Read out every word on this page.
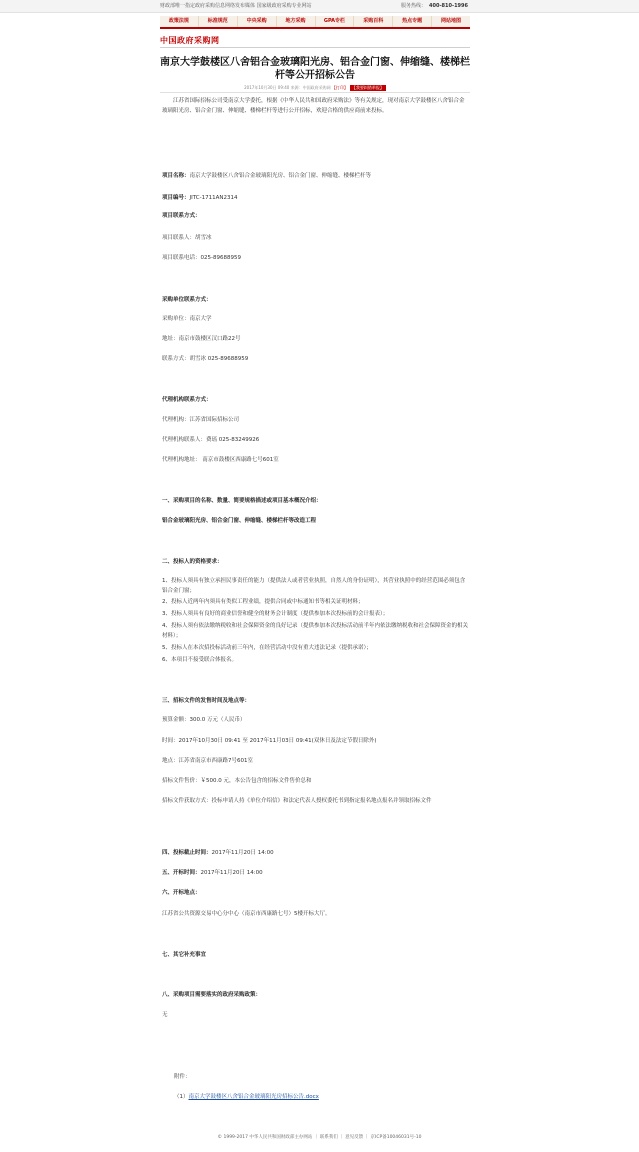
财政部唯一指定政府采购信息网络发布媒体 国家级政府采购专业网站	服务热线： 400-810-1996
政策法规	标准规范	中央采购	地方采购	GPA专栏	采购百科	热点专题	网站地图
中国政府采购网
南京大学鼓楼区八舍铝合金玻璃阳光房、铝合金门窗、伸缩缝、楼梯栏杆等公开招标公告
2017年10月30日 09:40 来源：中国政府采购网 【打印】 【我要纠错举报】
江苏省国际招标公司受南京大学委托，根据《中华人民共和国政府采购法》等有关规定，现对南京大学鼓楼区八舍铝合金玻璃阳光房、铝合金门窗、伸缩缝、楼梯栏杆等进行公开招标，欢迎合格的供应商前来投标。
项目名称：南京大学鼓楼区八舍铝合金玻璃阳光房、铝合金门窗、伸缩缝、楼梯栏杆等
项目编号：JITC-1711AN2314
项目联系方式：
项目联系人：胡雪冰
项目联系电话：025-89688959
采购单位联系方式：
采购单位：南京大学
地址：南京市鼓楼区汉口路22号
联系方式：胡雪冰 025-89688959
代理机构联系方式：
代理机构：江苏省国际招标公司
代理机构联系人：费瑶 025-83249926
代理机构地址： 南京市鼓楼区西康路七号601室
一、采购项目的名称、数量、简要规格描述或项目基本概况介绍：
铝合金玻璃阳光房、铝合金门窗、伸缩缝、楼梯栏杆等改造工程
二、投标人的资格要求：
1、投标人须具有独立承担民事责任的能力（提供法人或者营业执照，自然人的身份证明），其营业执照中的经营范围必须包含铝合金门窗；
2、投标人近两年内须具有类似工程业绩，提供合同或中标通知书等相关证明材料；
3、投标人须具有良好的商业信誉和健全的财务会计制度（提供参加本次投标前的会计报表）；
4、投标人须有依法缴纳税收和社会保障资金的良好记录（提供参加本次投标活动前半年内依法缴纳税收和社会保障资金的相关材料）；
5、投标人在本次招投标活动前三年内，在经营活动中没有重大违法记录（提供承诺）；
6、本项目不接受联合体报名。
三、招标文件的发售时间及地点等：
预算金额：300.0 万元（人民币）
时间：2017年10月30日 09:41 至 2017年11月03日 09:41(双休日及法定节假日除外)
地点：江苏省南京市西康路7号601室
招标文件售价：￥500.0 元，本公告包含的招标文件售价总和
招标文件获取方式：投标申请人持《单位介绍信》和法定代表人授权委托书到指定报名地点报名并领取招标文件
四、投标截止时间：2017年11月20日 14:00
五、开标时间：2017年11月20日 14:00
六、开标地点：
江苏省公共资源交易中心分中心（南京市西康路七号）5楼开标大厅。
七、其它补充事宜
八、采购项目需要落实的政府采购政策：
无
附件：
（1）南京大学鼓楼区八舍铝合金玻璃阳光房招标公告.docx
© 1999-2017 中华人民共和国财政部主办网站 ｜ 联系我们 ｜ 意见反馈 ｜ 京ICP备10046031号-10
